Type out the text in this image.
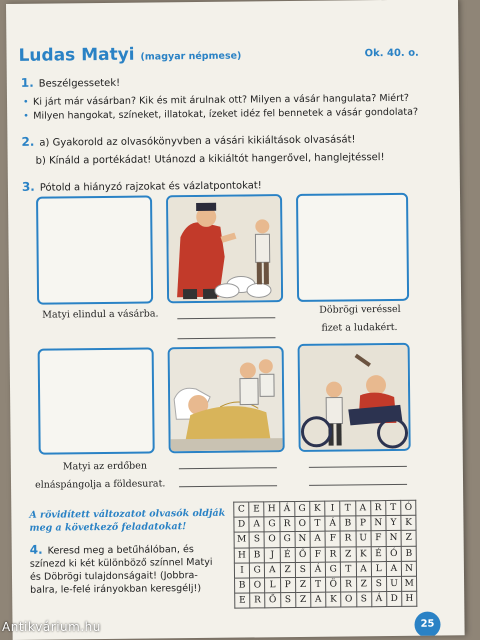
Ludas Matyi (magyar népmese)	Ok. 40. o.
1. Beszélgessetek!
• Ki járt már vásárban? Kik és mit árulnak ott? Milyen a vásár hangulata? Miért?
• Milyen hangokat, színeket, illatokat, ízeket idéz fel bennetek a vásár gondolata?
2. a) Gyakorold az olvasókönyvben a vásári kikiáltások olvasását!
b) Kínáld a portékádat! Utánozd a kikiáltót hangerővel, hanglejtéssel!
3. Pótold a hiányzó rajzokat és vázlatpontokat!
Matyi elindul a vásárba.	Döbrögi veréssel
fizet a ludakért.
Matyi az erdőben
elnáspángolja a földesurat.
A rövidített változatot olvasók oldják meg a következő feladatokat!
4. Keresd meg a betűhálóban, és színezd ki két különböző színnel Matyi és Döbrögi tulajdonságait! (Jobbra-balra, le-felé irányokban keresgélj!)
C	E	H	Á	G	K	I	T	A	R	T	Ó
D	A	G	R	O	T	Á	B	P	N	Y	K
M	S	O	G	N	A	F	R	U	F	N	Z
H	B	J	É	Ő	F	R	Z	K	É	Ó	B
I	G	A	Z	S	Á	G	T	A	L	A	N
B	O	L	P	Z	T	Ö	R	Z	S	U	M
E	R	Ő	S	Z	A	K	O	S	Á	D	H
25
Antikvárium.hu
